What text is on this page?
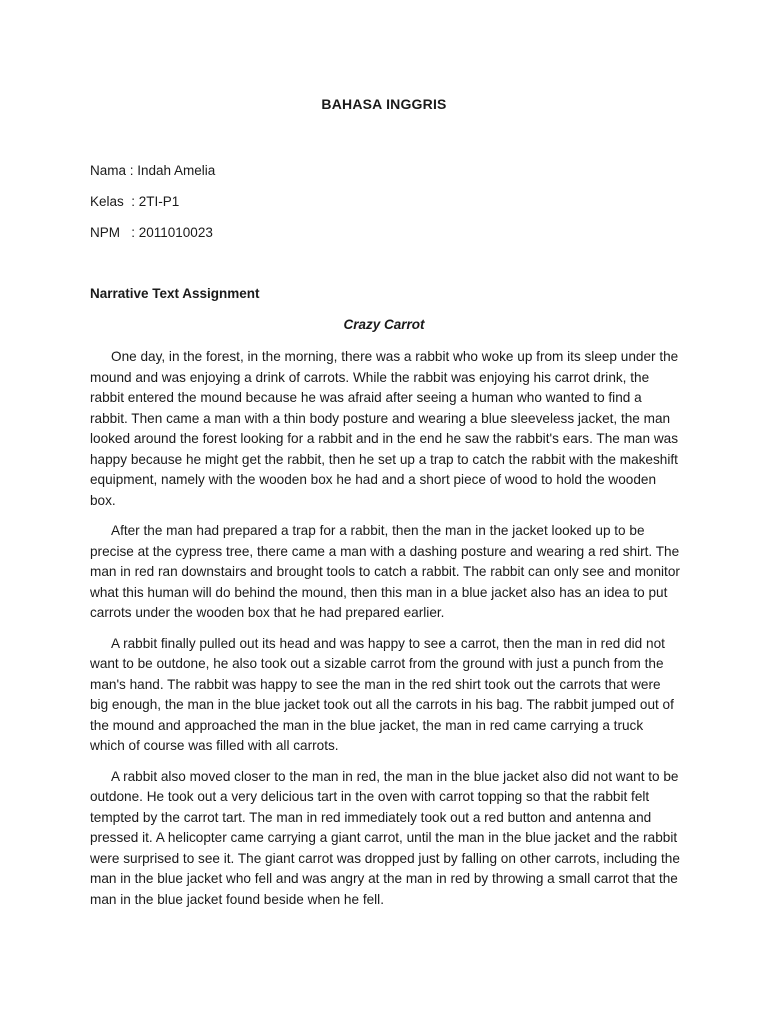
BAHASA INGGRIS
Nama : Indah Amelia
Kelas  : 2TI-P1
NPM   : 2011010023
Narrative Text Assignment
Crazy Carrot

One day, in the forest, in the morning, there was a rabbit who woke up from its sleep under the mound and was enjoying a drink of carrots. While the rabbit was enjoying his carrot drink, the rabbit entered the mound because he was afraid after seeing a human who wanted to find a rabbit. Then came a man with a thin body posture and wearing a blue sleeveless jacket, the man looked around the forest looking for a rabbit and in the end he saw the rabbit's ears. The man was happy because he might get the rabbit, then he set up a trap to catch the rabbit with the makeshift equipment, namely with the wooden box he had and a short piece of wood to hold the wooden box.

After the man had prepared a trap for a rabbit, then the man in the jacket looked up to be precise at the cypress tree, there came a man with a dashing posture and wearing a red shirt. The man in red ran downstairs and brought tools to catch a rabbit. The rabbit can only see and monitor what this human will do behind the mound, then this man in a blue jacket also has an idea to put carrots under the wooden box that he had prepared earlier.

A rabbit finally pulled out its head and was happy to see a carrot, then the man in red did not want to be outdone, he also took out a sizable carrot from the ground with just a punch from the man's hand. The rabbit was happy to see the man in the red shirt took out the carrots that were big enough, the man in the blue jacket took out all the carrots in his bag. The rabbit jumped out of the mound and approached the man in the blue jacket, the man in red came carrying a truck which of course was filled with all carrots.

A rabbit also moved closer to the man in red, the man in the blue jacket also did not want to be outdone. He took out a very delicious tart in the oven with carrot topping so that the rabbit felt tempted by the carrot tart. The man in red immediately took out a red button and antenna and pressed it. A helicopter came carrying a giant carrot, until the man in the blue jacket and the rabbit were surprised to see it. The giant carrot was dropped just by falling on other carrots, including the man in the blue jacket who fell and was angry at the man in red by throwing a small carrot that the man in the blue jacket found beside when he fell.
